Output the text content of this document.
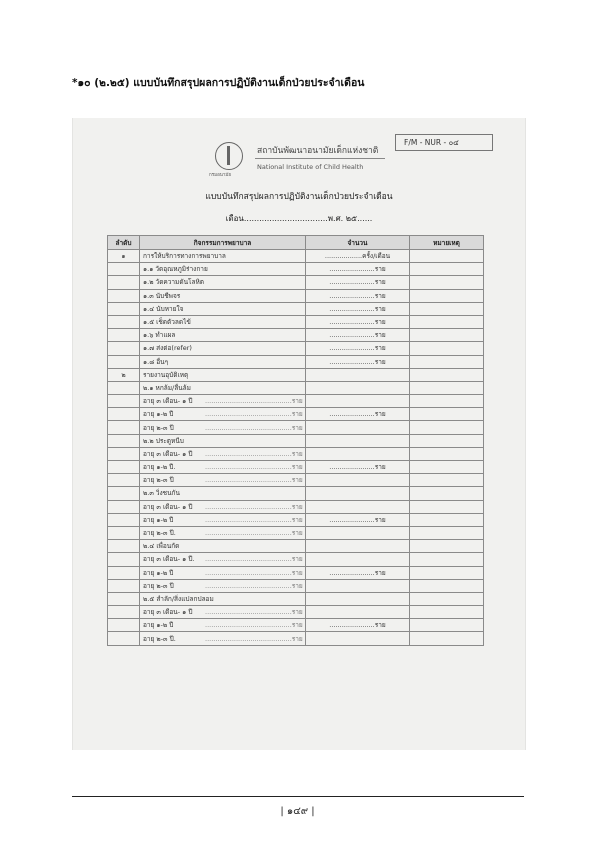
*๑๐ (๒.๒๕) แบบบันทึกสรุปผลการปฏิบัติงานเด็กป่วยประจำเดือน
กรมอนามัย
สถาบันพัฒนาอนามัยเด็กแห่งชาติ
National Institute of Child Health
F/M - NUR - ๐๔
แบบบันทึกสรุปผลการปฏิบัติงานเด็กป่วยประจำเดือน
เดือน.................................พ.ศ. ๒๕......
ลำดับ	กิจกรรมการพยาบาล	จำนวน	หมายเหตุ
๑	การให้บริการทางการพยาบาล	..................ครั้ง/เดือน	
	๑.๑ วัดอุณหภูมิร่างกาย	......................ราย	
	๑.๒ วัดความดันโลหิต	......................ราย	
	๑.๓ นับชีพจร	......................ราย	
	๑.๔ นับหายใจ	......................ราย	
	๑.๕ เช็ดตัวลดไข้	......................ราย	
	๑.๖ ทำแผล	......................ราย	
	๑.๗ ส่งต่อ(refer)	......................ราย	
	๑.๘ อื่นๆ	......................ราย	
๒	รายงานอุบัติเหตุ		
	๒.๑ หกล้ม/ลื่นล้ม		
	อายุ ๓ เดือน- ๑ ปี ..........................................ราย		
	อายุ ๑-๒ ปี ..........................................ราย	......................ราย	
	อายุ ๒-๓ ปี ..........................................ราย		
	๒.๒ ประตูหนีบ		
	อายุ ๓ เดือน- ๑ ปี ..........................................ราย		
	อายุ ๑-๒ ปี. ..........................................ราย	......................ราย	
	อายุ ๒-๓ ปี ..........................................ราย		
	๒.๓ วิ่งชนกัน		
	อายุ ๓ เดือน- ๑ ปี ..........................................ราย		
	อายุ ๑-๒ ปี ..........................................ราย	......................ราย	
	อายุ ๒-๓ ปี. ..........................................ราย		
	๒.๔ เพื่อนกัด		
	อายุ ๓ เดือน- ๑ ปี. ..........................................ราย		
	อายุ ๑-๒ ปี ..........................................ราย	......................ราย	
	อายุ ๒-๓ ปี ..........................................ราย		
	๒.๕ สำลัก/สิ่งแปลกปลอม		
	อายุ ๓ เดือน- ๑ ปี ..........................................ราย		
	อายุ ๑-๒ ปี ..........................................ราย	......................ราย	
	อายุ ๒-๓ ปี. ..........................................ราย		
| ๑๔๙ |
